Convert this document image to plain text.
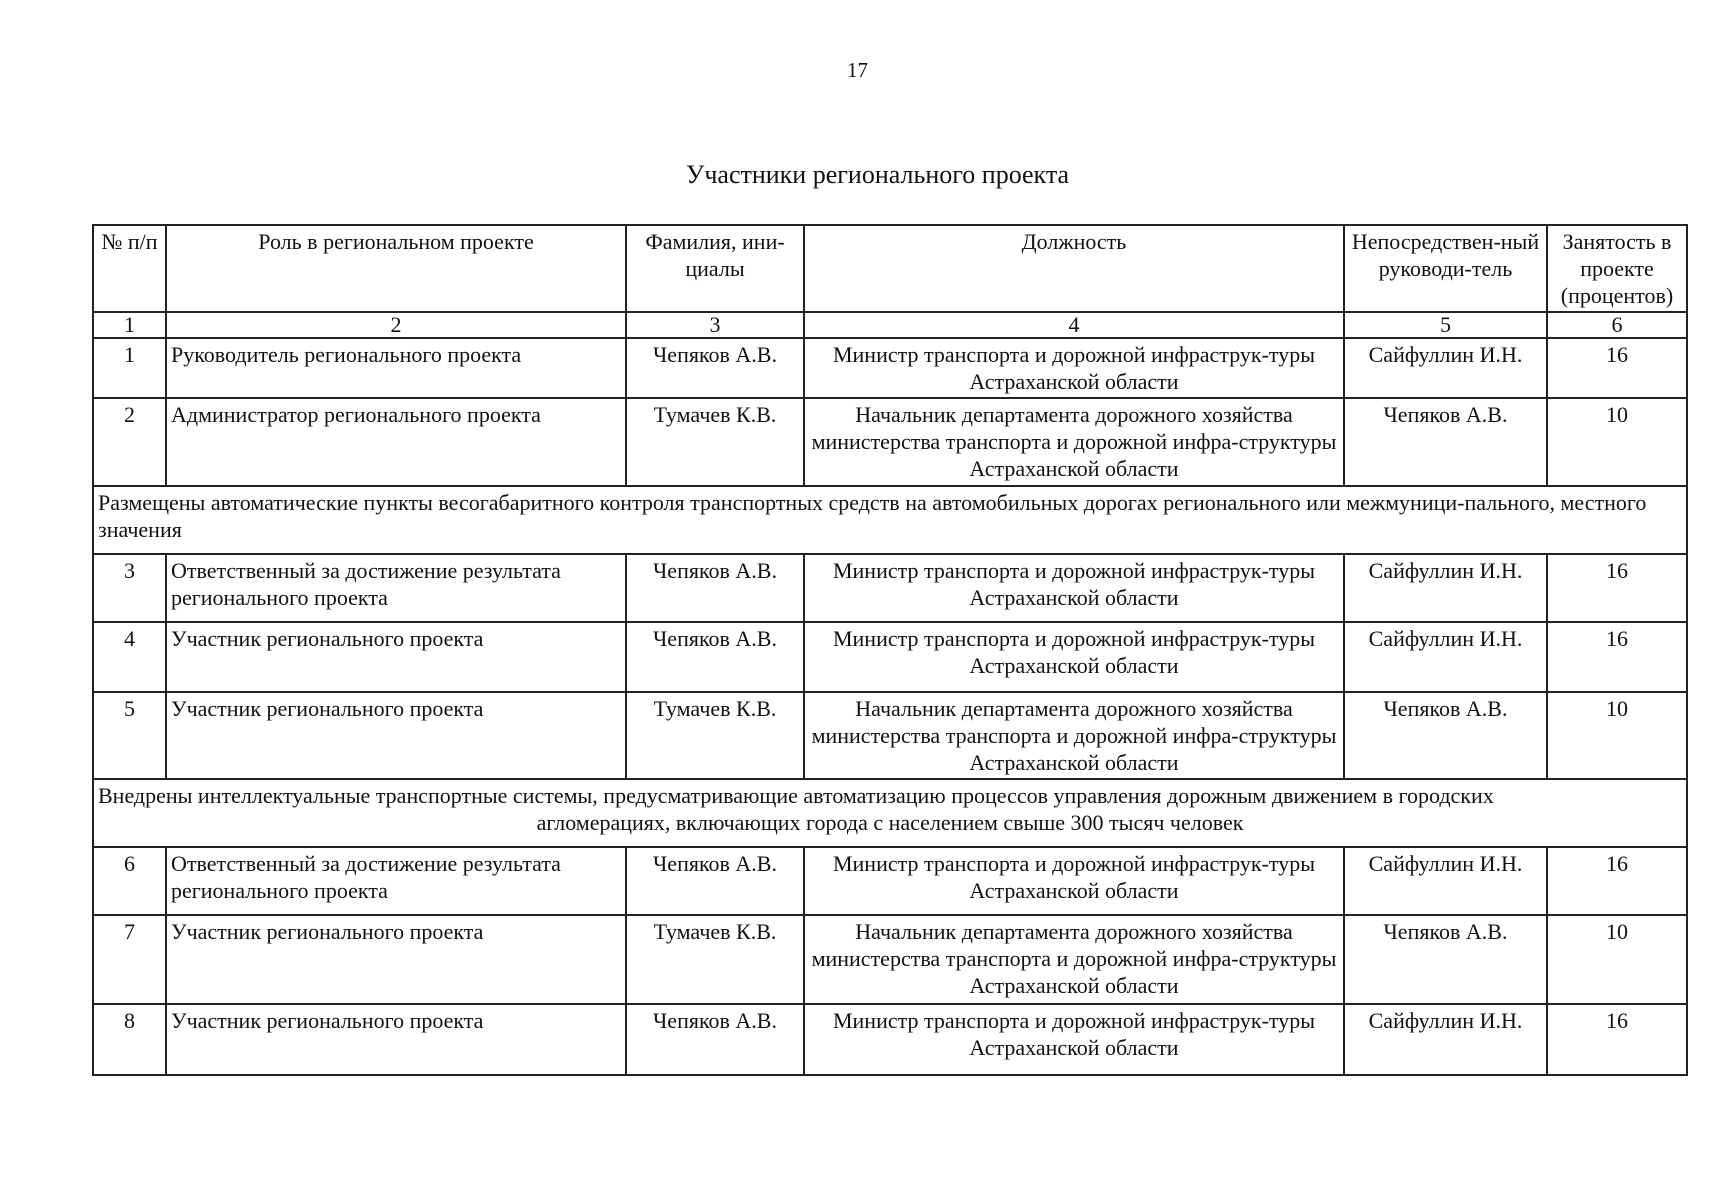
17
Участники регионального проекта
№ п/п	Роль в региональном проекте	Фамилия, ини-циалы	Должность	Непосредствен-ный руководи-тель	Занятость в проекте (процентов)
1	2	3	4	5	6
1	Руководитель регионального проекта	Чепяков А.В.	Министр транспорта и дорожной инфраструк-туры Астраханской области	Сайфуллин И.Н.	16
2	Администратор регионального проекта	Тумачев К.В.	Начальник департамента дорожного хозяйства министерства транспорта и дорожной инфра-структуры Астраханской области	Чепяков А.В.	10
Размещены автоматические пункты весогабаритного контроля транспортных средств на автомобильных дорогах регионального или межмуници-пального, местного значения					
3	Ответственный за достижение результата регионального проекта	Чепяков А.В.	Министр транспорта и дорожной инфраструк-туры Астраханской области	Сайфуллин И.Н.	16
4	Участник регионального проекта	Чепяков А.В.	Министр транспорта и дорожной инфраструк-туры Астраханской области	Сайфуллин И.Н.	16
5	Участник регионального проекта	Тумачев К.В.	Начальник департамента дорожного хозяйства министерства транспорта и дорожной инфра-структуры Астраханской области	Чепяков А.В.	10
Внедрены интеллектуальные транспортные системы, предусматривающие автоматизацию процессов управления дорожным движением в городских
агломерациях, включающих города с населением свыше 300 тысяч человек					

6	Ответственный за достижение результата регионального проекта	Чепяков А.В.	Министр транспорта и дорожной инфраструк-туры Астраханской области	Сайфуллин И.Н.	16
7	Участник регионального проекта	Тумачев К.В.	Начальник департамента дорожного хозяйства министерства транспорта и дорожной инфра-структуры Астраханской области	Чепяков А.В.	10
8	Участник регионального проекта	Чепяков А.В.	Министр транспорта и дорожной инфраструк-туры Астраханской области	Сайфуллин И.Н.	16
